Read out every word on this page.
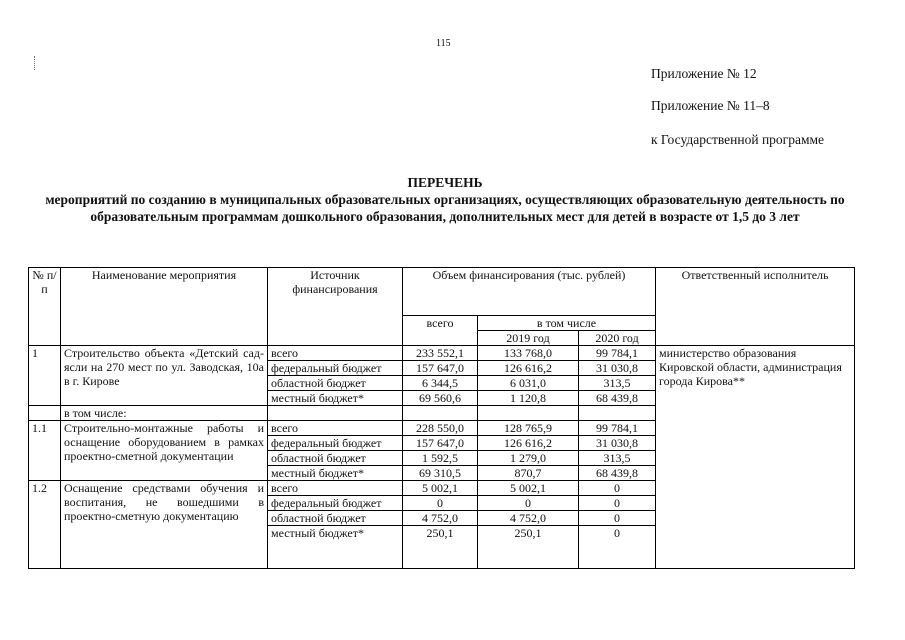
115
Приложение № 12
Приложение № 11–8
к Государственной программе
ПЕРЕЧЕНЬ
мероприятий по созданию в муниципальных образовательных организациях, осуществляющих образовательную деятельность по образовательным программам дошкольного образования, дополнительных мест для детей в возрасте от 1,5 до 3 лет
№ п/п	Наименование мероприятия	Источник финансирования	Объем финансирования (тыс. рублей)			Ответственный исполнитель
			всего	в том числе		
				2019 год	2020 год	
1	Строительство объекта «Детский сад-ясли на 270 мест по ул. Заводская, 10а в г. Кирове	всего	233 552,1	133 768,0	99 784,1	министерство образования Кировской области, администрация города Кирова**
		федеральный бюджет	157 647,0	126 616,2	31 030,8	
		областной бюджет	6 344,5	6 031,0	313,5	
		местный бюджет*	69 560,6	1 120,8	68 439,8	
	в том числе:					
1.1	Строительно-монтажные работы и оснащение оборудованием в рамках проектно-сметной документации	всего	228 550,0	128 765,9	99 784,1	
		федеральный бюджет	157 647,0	126 616,2	31 030,8	
		областной бюджет	1 592,5	1 279,0	313,5	
		местный бюджет*	69 310,5	870,7	68 439,8	
1.2	Оснащение средствами обучения и воспитания, не вошедшими в проектно-сметную документацию	всего	5 002,1	5 002,1	0	
		федеральный бюджет	0	0	0	
		областной бюджет	4 752,0	4 752,0	0	
		местный бюджет*	250,1	250,1	0	
